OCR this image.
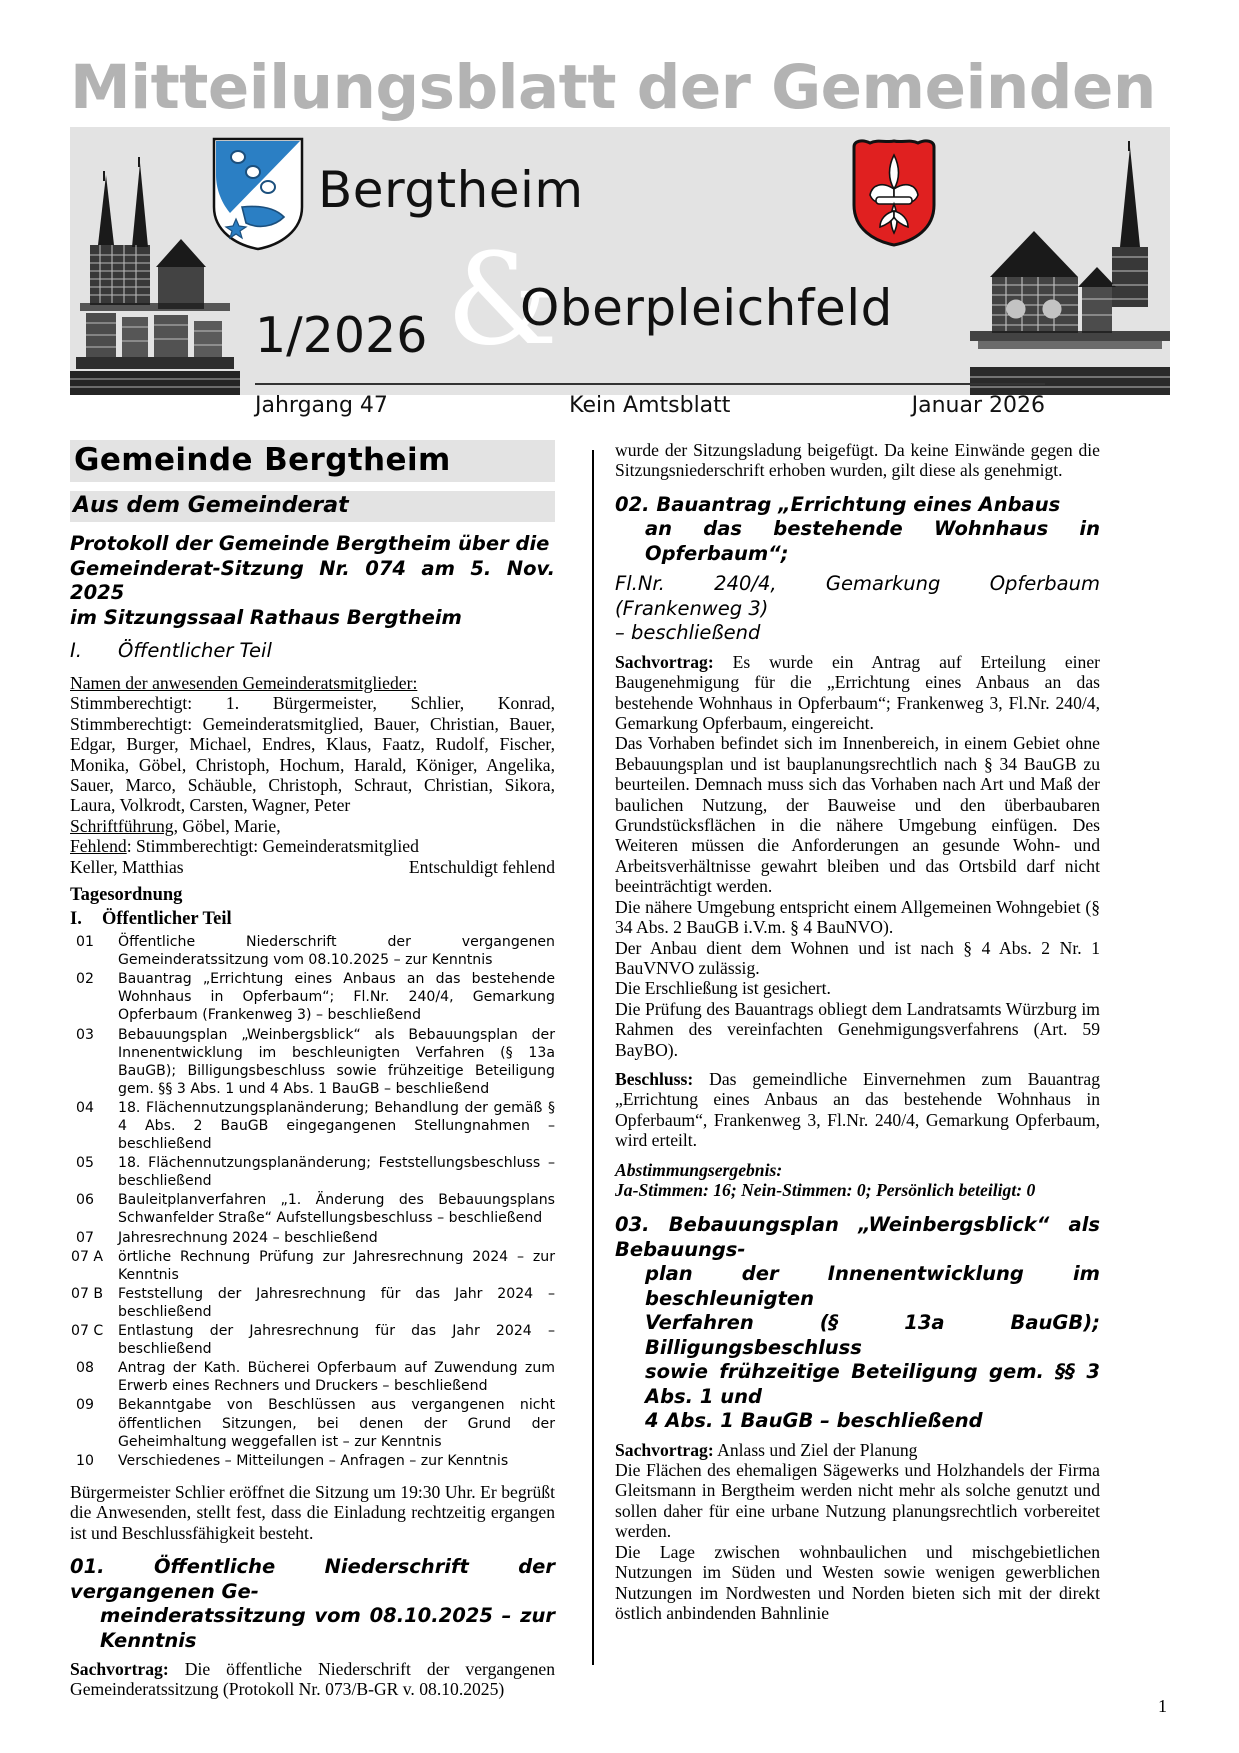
Mitteilungsblatt der Gemeinden
Bergtheim
&
Oberpleichfeld
1/2026
Jahrgang 47	Kein Amtsblatt	Januar 2026
Gemeinde Bergtheim
Aus dem Gemeinderat
Protokoll der Gemeinde Bergtheim über die
Gemeinderat-Sitzung Nr. 074 am 5. Nov. 2025
im Sitzungssaal Rathaus Bergtheim
I.	Öffentlicher Teil
Namen der anwesenden Gemeinderatsmitglieder:
Stimmberechtigt: 1. Bürgermeister, Schlier, Konrad, Stimmberechtigt: Gemeinderatsmitglied, Bauer, Christian, Bauer, Edgar, Burger, Michael, Endres, Klaus, Faatz, Rudolf, Fischer, Monika, Göbel, Christoph, Hochum, Harald, Königer, Angelika, Sauer, Marco, Schäuble, Christoph, Schraut, Christian, Sikora, Laura, Volkrodt, Carsten, Wagner, Peter
Schriftführung, Göbel, Marie,
Fehlend: Stimmberechtigt: Gemeinderatsmitglied
Keller, Matthias	Entschuldigt fehlend
Tagesordnung
I.	Öffentlicher Teil
01	Öffentliche Niederschrift der vergangenen Gemeinderatssitzung vom 08.10.2025 – zur Kenntnis
02	Bauantrag „Errichtung eines Anbaus an das bestehende Wohnhaus in Opferbaum“; Fl.Nr. 240/4, Gemarkung Opferbaum (Frankenweg 3) – beschließend
03	Bebauungsplan „Weinbergsblick“ als Bebauungsplan der Innenentwicklung im beschleunigten Verfahren (§ 13a BauGB); Billigungsbeschluss sowie frühzeitige Beteiligung gem. §§ 3 Abs. 1 und 4 Abs. 1 BauGB – beschließend
04	18. Flächennutzungsplanänderung; Behandlung der gemäß § 4 Abs. 2 BauGB eingegangenen Stellungnahmen – beschließend
05	18. Flächennutzungsplanänderung; Feststellungsbeschluss – beschließend
06	Bauleitplanverfahren „1. Änderung des Bebauungsplans Schwanfelder Straße“ Aufstellungsbeschluss – beschließend
07	Jahresrechnung 2024 – beschließend
07 A	örtliche Rechnung Prüfung zur Jahresrechnung 2024 – zur Kenntnis
07 B	Feststellung der Jahresrechnung für das Jahr 2024 – beschließend
07 C	Entlastung der Jahresrechnung für das Jahr 2024 – beschließend
08	Antrag der Kath. Bücherei Opferbaum auf Zuwendung zum Erwerb eines Rechners und Druckers – beschließend
09	Bekanntgabe von Beschlüssen aus vergangenen nicht öffentlichen Sitzungen, bei denen der Grund der Geheimhaltung weggefallen ist – zur Kenntnis
10	Verschiedenes – Mitteilungen – Anfragen – zur Kenntnis
Bürgermeister Schlier eröffnet die Sitzung um 19:30 Uhr. Er begrüßt die Anwesenden, stellt fest, dass die Einladung rechtzeitig ergangen ist und Beschlussfähigkeit besteht.
01. Öffentliche Niederschrift der vergangenen Ge-
meinderatssitzung vom 08.10.2025 – zur Kenntnis
Sachvortrag: Die öffentliche Niederschrift der vergangenen Gemeinderatssitzung (Protokoll Nr. 073/B-GR v. 08.10.2025)
wurde der Sitzungsladung beigefügt. Da keine Einwände gegen die Sitzungsniederschrift erhoben wurden, gilt diese als genehmigt.
02. Bauantrag „Errichtung eines Anbaus
an das bestehende Wohnhaus in Opferbaum“;
Fl.Nr. 240/4, Gemarkung Opferbaum (Frankenweg 3)
– beschließend
Sachvortrag: Es wurde ein Antrag auf Erteilung einer Baugenehmigung für die „Errichtung eines Anbaus an das bestehende Wohnhaus in Opferbaum“; Frankenweg 3, Fl.Nr. 240/4, Gemarkung Opferbaum, eingereicht.
Das Vorhaben befindet sich im Innenbereich, in einem Gebiet ohne Bebauungsplan und ist bauplanungsrechtlich nach § 34 BauGB zu beurteilen. Demnach muss sich das Vorhaben nach Art und Maß der baulichen Nutzung, der Bauweise und den überbaubaren Grundstücksflächen in die nähere Umgebung einfügen. Des Weiteren müssen die Anforderungen an gesunde Wohn- und Arbeitsverhältnisse gewahrt bleiben und das Ortsbild darf nicht beeinträchtigt werden.
Die nähere Umgebung entspricht einem Allgemeinen Wohngebiet (§ 34 Abs. 2 BauGB i.V.m. § 4 BauNVO).
Der Anbau dient dem Wohnen und ist nach § 4 Abs. 2 Nr. 1 BauVNVO zulässig.
Die Erschließung ist gesichert.
Die Prüfung des Bauantrags obliegt dem Landratsamts Würzburg im Rahmen des vereinfachten Genehmigungsverfahrens (Art. 59 BayBO).
Beschluss: Das gemeindliche Einvernehmen zum Bauantrag „Errichtung eines Anbaus an das bestehende Wohnhaus in Opferbaum“, Frankenweg 3, Fl.Nr. 240/4, Gemarkung Opferbaum, wird erteilt.
Abstimmungsergebnis:
Ja-Stimmen: 16; Nein-Stimmen: 0; Persönlich beteiligt: 0
03. Bebauungsplan „Weinbergsblick“ als Bebauungs-
plan der Innenentwicklung im beschleunigten
Verfahren (§ 13a BauGB); Billigungsbeschluss
sowie frühzeitige Beteiligung gem. §§ 3 Abs. 1 und
4 Abs. 1 BauGB – beschließend
Sachvortrag: Anlass und Ziel der Planung
Die Flächen des ehemaligen Sägewerks und Holzhandels der Firma Gleitsmann in Bergtheim werden nicht mehr als solche genutzt und sollen daher für eine urbane Nutzung planungsrechtlich vorbereitet werden.
Die Lage zwischen wohnbaulichen und mischgebietlichen Nutzungen im Süden und Westen sowie wenigen gewerblichen Nutzungen im Nordwesten und Norden bieten sich mit der direkt östlich anbindenden Bahnlinie
1
